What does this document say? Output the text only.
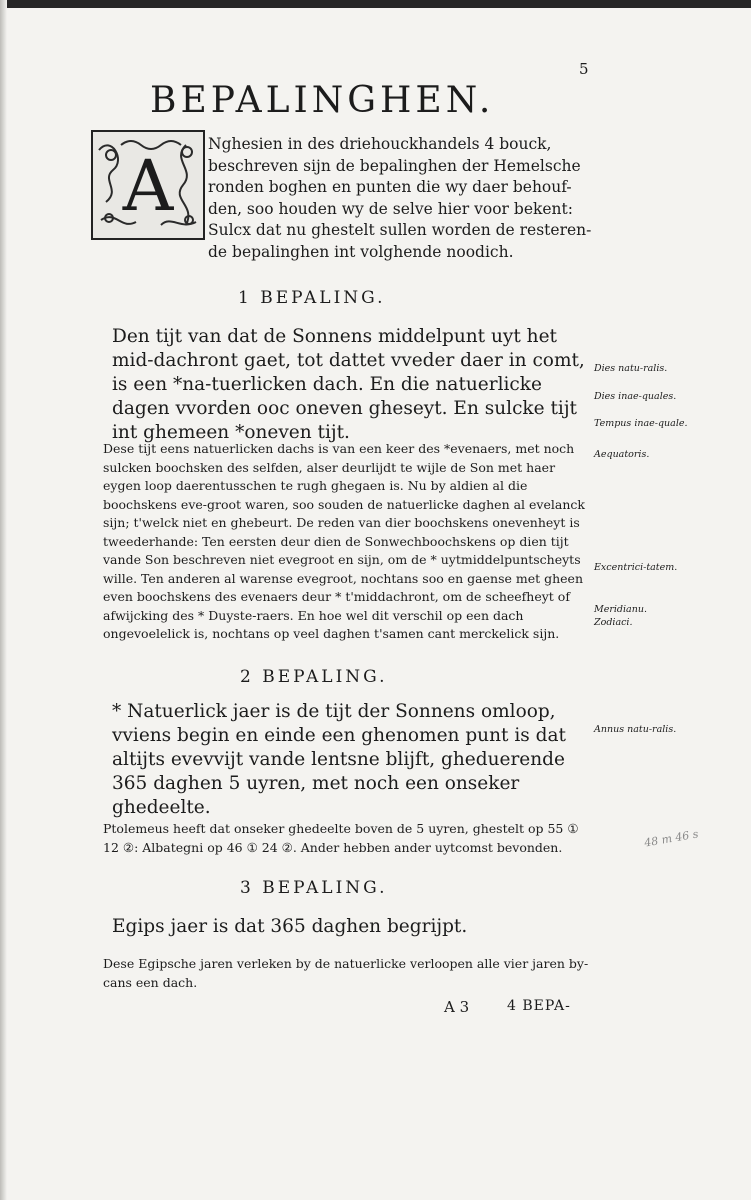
5
BEPALINGHEN.
A

Nghesien in des driehouckhandels 4 bouck, beschreven sijn de bepalinghen der Hemelsche ronden boghen en punten die wy daer behouf-den, soo houden wy de selve hier voor bekent: Sulcx dat nu ghestelt sullen worden de resteren-de bepalinghen int volghende noodich.

1 BEPALING.

Den tijt van dat de Sonnens middelpunt uyt het mid-dachront gaet, tot dattet vveder daer in comt, is een *na-tuerlicken dach. En die natuerlicke dagen vvorden ooc oneven gheseyt. En sulcke tijt int ghemeen *oneven tijt.

Dese tijt eens natuerlicken dachs is van een keer des *evenaers, met noch sulcken boochsken des selfden, alser deurlijdt te wijle de Son met haer eygen loop daerentusschen te rugh ghegaen is. Nu by aldien al die boochskens eve-groot waren, soo souden de natuerlicke daghen al evelanck sijn; t'welck niet en ghebeurt. De reden van dier boochskens onevenheyt is tweederhande: Ten eersten deur dien de Sonwechboochskens op dien tijt vande Son beschreven niet evegroot en sijn, om de * uytmiddelpuntscheyts wille. Ten anderen al warense evegroot, nochtans soo en gaense met gheen even boochskens des evenaers deur * t'middachront, om de scheefheyt of afwijcking des * Duyste-raers. En hoe wel dit verschil op een dach ongevoelelick is, nochtans op veel daghen t'samen cant merckelick sijn.

2 BEPALING.

* Natuerlick jaer is de tijt der Sonnens omloop, vviens begin en einde een ghenomen punt is dat altijts evevvijt vande lentsne blijft, gheduerende 365 daghen 5 uyren, met noch een onseker ghedeelte.

Ptolemeus heeft dat onseker ghedeelte boven de 5 uyren, ghestelt op 55 ① 12 ②: Albategni op 46 ① 24 ②. Ander hebben ander uytcomst bevonden.

3 BEPALING.

Egips jaer is dat 365 daghen begrijpt.

Dese Egipsche jaren verleken by de natuerlicke verloopen alle vier jaren by-cans een dach.

Dies natu-ralis.

Dies inae-quales.

Tempus inae-quale.

Aequatoris.

Excentrici-tatem.

Meridianu.

Zodiaci.

Annus natu-ralis.

48 m 46 s
A 3	4 BEPA-
